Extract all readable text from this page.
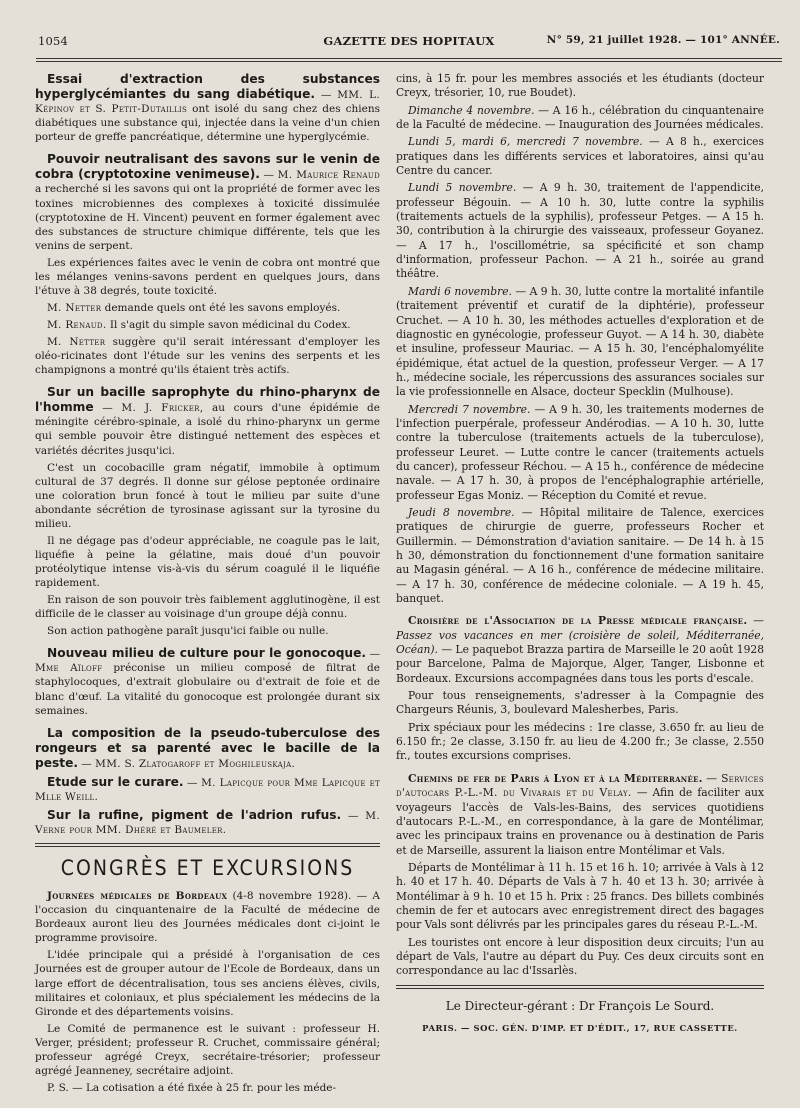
1054	GAZETTE DES HOPITAUX	N° 59, 21 juillet 1928. — 101° ANNÉE.

Essai d'extraction des substances hyperglycémiantes du sang diabétique. — MM. L. Képinov et S. Petit-Dutaillis ont isolé du sang chez des chiens diabétiques une substance qui, injectée dans la veine d'un chien porteur de greffe pancréatique, détermine une hyperglycémie.

Pouvoir neutralisant des savons sur le venin de cobra (cryptotoxine venimeuse). — M. Maurice Renaud a recherché si les savons qui ont la propriété de former avec les toxines microbiennes des complexes à toxicité dissimulée (cryptotoxine de H. Vincent) peuvent en former également avec des substances de structure chimique différente, tels que les venins de serpent.

Les expériences faites avec le venin de cobra ont montré que les mélanges venins-savons perdent en quelques jours, dans l'étuve à 38 degrés, toute toxicité.

M. Netter demande quels ont été les savons employés.

M. Renaud. Il s'agit du simple savon médicinal du Codex.

M. Netter suggère qu'il serait intéressant d'employer les oléo-ricinates dont l'étude sur les venins des serpents et les champignons a montré qu'ils étaient très actifs.

Sur un bacille saprophyte du rhino-pharynx de l'homme — M. J. Fricker, au cours d'une épidémie de méningite cérébro-spinale, a isolé du rhino-pharynx un germe qui semble pouvoir être distingué nettement des espèces et variétés décrites jusqu'ici.

C'est un cocobacille gram négatif, immobile à optimum cultural de 37 degrés. Il donne sur gélose peptonée ordinaire une coloration brun foncé à tout le milieu par suite d'une abondante sécrétion de tyrosinase agissant sur la tyrosine du milieu.

Il ne dégage pas d'odeur appréciable, ne coagule pas le lait, liquéfie à peine la gélatine, mais doué d'un pouvoir protéolytique intense vis-à-vis du sérum coagulé il le liquéfie rapidement.

En raison de son pouvoir très faiblement agglutinogène, il est difficile de le classer au voisinage d'un groupe déjà connu.

Son action pathogène paraît jusqu'ici faible ou nulle.

Nouveau milieu de culture pour le gonocoque. — Mme Aïloff préconise un milieu composé de filtrat de staphylocoques, d'extrait globulaire ou d'extrait de foie et de blanc d'œuf. La vitalité du gonocoque est prolongée durant six semaines.

La composition de la pseudo-tuberculose des rongeurs et sa parenté avec le bacille de la peste. — MM. S. Zlatogaroff et Moghileuskaja.

Etude sur le curare. — M. Lapicque pour Mme Lapicque et Mlle Weill.

Sur la rufine, pigment de l'adrion rufus. — M. Verne pour MM. Dhéré et Baumeler.

CONGRÈS ET EXCURSIONS

Journées médicales de Bordeaux (4-8 novembre 1928). — A l'occasion du cinquantenaire de la Faculté de médecine de Bordeaux auront lieu des Journées médicales dont ci-joint le programme provisoire.

L'idée principale qui a présidé à l'organisation de ces Journées est de grouper autour de l'Ecole de Bordeaux, dans un large effort de décentralisation, tous ses anciens élèves, civils, militaires et coloniaux, et plus spécialement les médecins de la Gironde et des départements voisins.

Le Comité de permanence est le suivant : professeur H. Verger, président; professeur R. Cruchet, commissaire général; professeur agrégé Creyx, secrétaire-trésorier; professeur agrégé Jeanneney, secrétaire adjoint.

P. S. — La cotisation a été fixée à 25 fr. pour les méde-

cins, à 15 fr. pour les membres associés et les étudiants (docteur Creyx, trésorier, 10, rue Boudet).

Dimanche 4 novembre. — A 16 h., célébration du cinquantenaire de la Faculté de médecine. — Inauguration des Journées médicales.

Lundi 5, mardi 6, mercredi 7 novembre. — A 8 h., exercices pratiques dans les différents services et laboratoires, ainsi qu'au Centre du cancer.

Lundi 5 novembre. — A 9 h. 30, traitement de l'appendicite, professeur Bégouin. — A 10 h. 30, lutte contre la syphilis (traitements actuels de la syphilis), professeur Petges. — A 15 h. 30, contribution à la chirurgie des vaisseaux, professeur Goyanez. — A 17 h., l'oscillométrie, sa spécificité et son champ d'information, professeur Pachon. — A 21 h., soirée au grand théâtre.

Mardi 6 novembre. — A 9 h. 30, lutte contre la mortalité infantile (traitement préventif et curatif de la diphtérie), professeur Cruchet. — A 10 h. 30, les méthodes actuelles d'exploration et de diagnostic en gynécologie, professeur Guyot. — A 14 h. 30, diabète et insuline, professeur Mauriac. — A 15 h. 30, l'encéphalomyélite épidémique, état actuel de la question, professeur Verger. — A 17 h., médecine sociale, les répercussions des assurances sociales sur la vie professionnelle en Alsace, docteur Specklin (Mulhouse).

Mercredi 7 novembre. — A 9 h. 30, les traitements modernes de l'infection puerpérale, professeur Andérodias. — A 10 h. 30, lutte contre la tuberculose (traitements actuels de la tuberculose), professeur Leuret. — Lutte contre le cancer (traitements actuels du cancer), professeur Réchou. — A 15 h., conférence de médecine navale. — A 17 h. 30, à propos de l'encéphalographie artérielle, professeur Egas Moniz. — Réception du Comité et revue.

Jeudi 8 novembre. — Hôpital militaire de Talence, exercices pratiques de chirurgie de guerre, professeurs Rocher et Guillermin. — Démonstration d'aviation sanitaire. — De 14 h. à 15 h 30, démonstration du fonctionnement d'une formation sanitaire au Magasin général. — A 16 h., conférence de médecine militaire. — A 17 h. 30, conférence de médecine coloniale. — A 19 h. 45, banquet.

Croisière de l'Association de la Presse médicale française. — Passez vos vacances en mer (croisière de soleil, Méditerranée, Océan). — Le paquebot Brazza partira de Marseille le 20 août 1928 pour Barcelone, Palma de Majorque, Alger, Tanger, Lisbonne et Bordeaux. Excursions accompagnées dans tous les ports d'escale.

Pour tous renseignements, s'adresser à la Compagnie des Chargeurs Réunis, 3, boulevard Malesherbes, Paris.

Prix spéciaux pour les médecins : 1re classe, 3.650 fr. au lieu de 6.150 fr.; 2e classe, 3.150 fr. au lieu de 4.200 fr.; 3e classe, 2.550 fr., toutes excursions comprises.

Chemins de fer de Paris à Lyon et à la Méditerranée. — Services d'autocars P.-L.-M. du Vivarais et du Velay. — Afin de faciliter aux voyageurs l'accès de Vals-les-Bains, des services quotidiens d'autocars P.-L.-M., en correspondance, à la gare de Montélimar, avec les principaux trains en provenance ou à destination de Paris et de Marseille, assurent la liaison entre Montélimar et Vals.

Départs de Montélimar à 11 h. 15 et 16 h. 10; arrivée à Vals à 12 h. 40 et 17 h. 40. Départs de Vals à 7 h. 40 et 13 h. 30; arrivée à Montélimar à 9 h. 10 et 15 h. Prix : 25 francs. Des billets combinés chemin de fer et autocars avec enregistrement direct des bagages pour Vals sont délivrés par les principales gares du réseau P.-L.-M.

Les touristes ont encore à leur disposition deux circuits; l'un au départ de Vals, l'autre au départ du Puy. Ces deux circuits sont en correspondance au lac d'Issarlès.

Le Directeur-gérant : Dr François Le Sourd.
PARIS. — SOC. GÉN. D'IMP. ET D'ÉDIT., 17, RUE CASSETTE.
